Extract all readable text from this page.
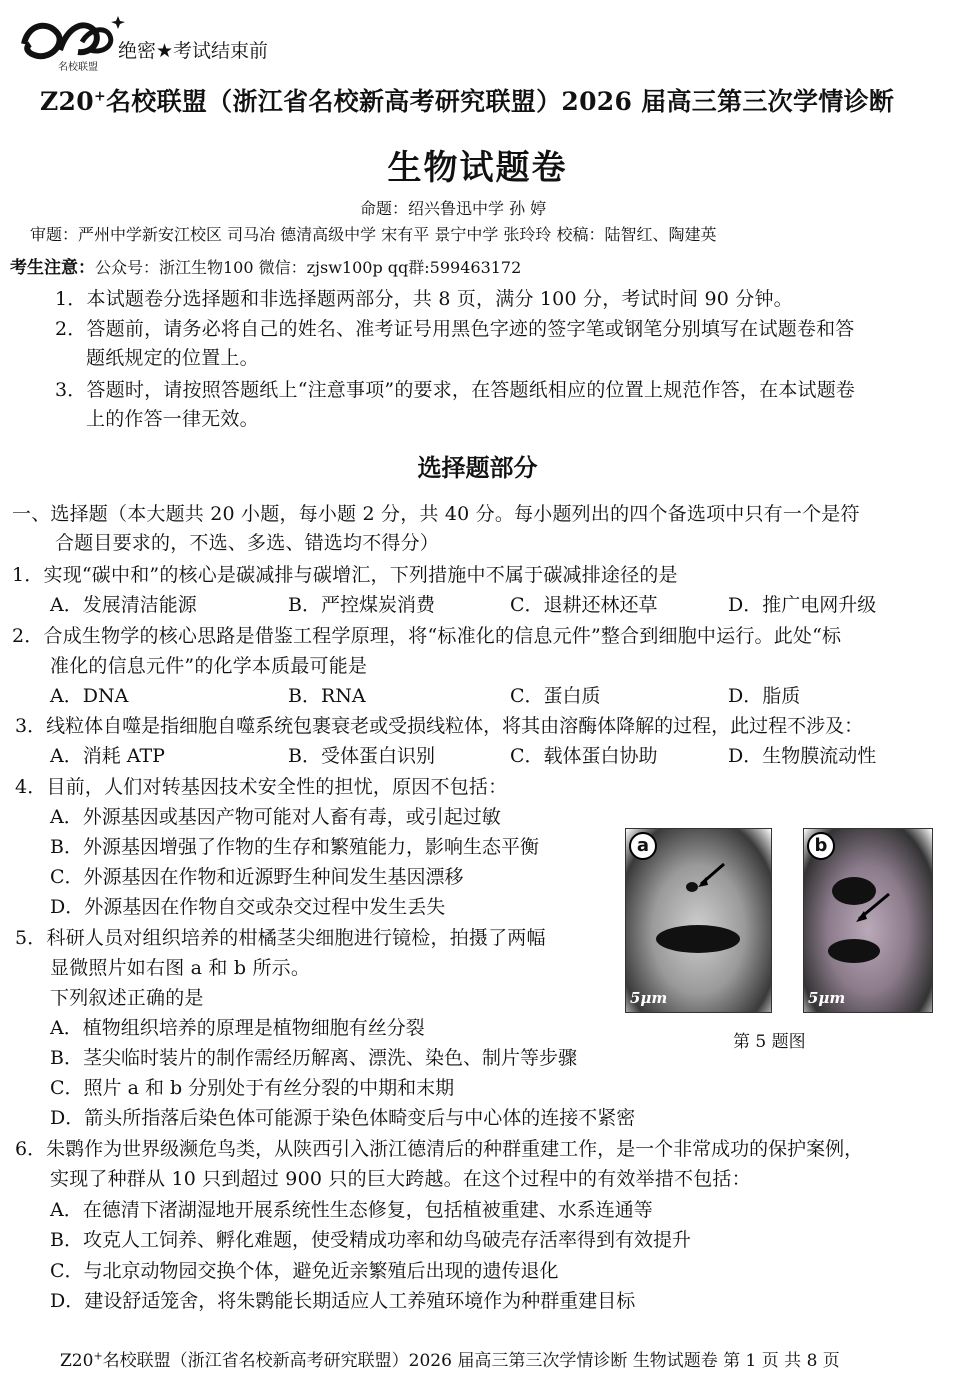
名校联盟
绝密★考试结束前
Z20+名校联盟（浙江省名校新高考研究联盟）2026 届高三第三次学情诊断
生物试题卷
命题：绍兴鲁迅中学 孙 婷
审题：严州中学新安江校区 司马冶 德清高级中学 宋有平 景宁中学 张玲玲 校稿：陆智红、陶建英
考生注意：公众号：浙江生物100 微信：zjsw100p qq群:599463172
1．本试题卷分选择题和非选择题两部分，共 8 页，满分 100 分，考试时间 90 分钟。
2．答题前，请务必将自己的姓名、准考证号用黑色字迹的签字笔或钢笔分别填写在试题卷和答
题纸规定的位置上。
3．答题时，请按照答题纸上“注意事项”的要求，在答题纸相应的位置上规范作答，在本试题卷
上的作答一律无效。
选择题部分
一、选择题（本大题共 20 小题，每小题 2 分，共 40 分。每小题列出的四个备选项中只有一个是符
合题目要求的，不选、多选、错选均不得分）
1．实现“碳中和”的核心是碳减排与碳增汇，下列措施中不属于碳减排途径的是
A．发展清洁能源	B．严控煤炭消费	C．退耕还林还草	D．推广电网升级
2．合成生物学的核心思路是借鉴工程学原理，将“标准化的信息元件”整合到细胞中运行。此处“标
准化的信息元件”的化学本质最可能是
A．DNA	B．RNA	C．蛋白质	D．脂质
3．线粒体自噬是指细胞自噬系统包裹衰老或受损线粒体，将其由溶酶体降解的过程，此过程不涉及：
A．消耗 ATP	B．受体蛋白识别	C．载体蛋白协助	D．生物膜流动性
4．目前，人们对转基因技术安全性的担忧，原因不包括：
A．外源基因或基因产物可能对人畜有毒，或引起过敏
B．外源基因增强了作物的生存和繁殖能力，影响生态平衡
C．外源基因在作物和近源野生种间发生基因漂移
D．外源基因在作物自交或杂交过程中发生丢失
a
5μm
b
5μm
第 5 题图
5．科研人员对组织培养的柑橘茎尖细胞进行镜检，拍摄了两幅
显微照片如右图 a 和 b 所示。
下列叙述正确的是
A．植物组织培养的原理是植物细胞有丝分裂
B．茎尖临时装片的制作需经历解离、漂洗、染色、制片等步骤
C．照片 a 和 b 分别处于有丝分裂的中期和末期
D．箭头所指落后染色体可能源于染色体畸变后与中心体的连接不紧密
6．朱鹮作为世界级濒危鸟类，从陕西引入浙江德清后的种群重建工作，是一个非常成功的保护案例，
实现了种群从 10 只到超过 900 只的巨大跨越。在这个过程中的有效举措不包括：
A．在德清下渚湖湿地开展系统性生态修复，包括植被重建、水系连通等
B．攻克人工饲养、孵化难题，使受精成功率和幼鸟破壳存活率得到有效提升
C．与北京动物园交换个体，避免近亲繁殖后出现的遗传退化
D．建设舒适笼舍，将朱鹮能长期适应人工养殖环境作为种群重建目标
Z20+名校联盟（浙江省名校新高考研究联盟）2026 届高三第三次学情诊断 生物试题卷 第 1 页 共 8 页
